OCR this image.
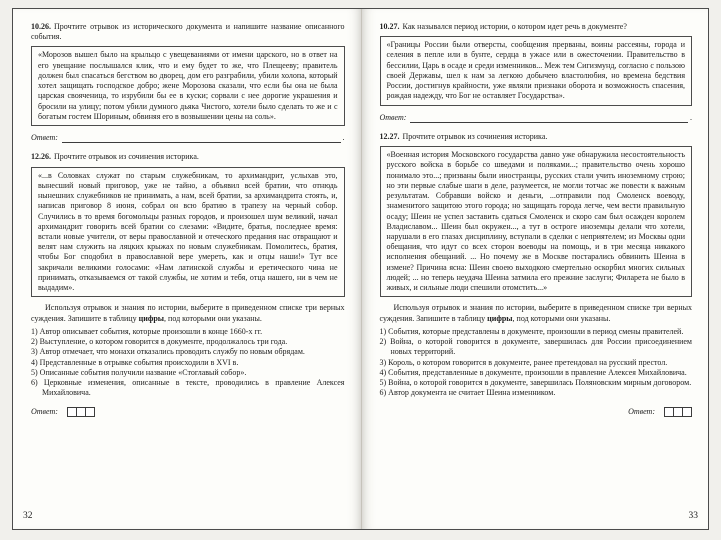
10.26. Прочтите отрывок из исторического документа и напишите название описанного события.

«Морозов вышел было на крыльцо с увещеваниями от имени царского, но в ответ на его увещание послышался клик, что и ему будет то же, что Плещееву; правитель должен был спасаться бегством во дворец, дом его разграбили, убили холопа, который хотел защищать господское добро; жене Морозова сказали, что если бы она не была царская свояченица, то изрубили бы ее в куски; сорвали с нее дорогие украшения и бросили на улицу; потом убили думного дьяка Чистого, хотели было сделать то же и с богатым гостем Шориным, обвиняя его в возвышении цены на соль».

Ответ:	.

12.26. Прочтите отрывок из сочинения историка.

«...в Соловках служат по старым служебникам, то архимандрит, услыхав это, вынесший новый приговор, уже не тайно, а объявил всей братии, что отнюдь нынешних служебников не принимать, а нам, всей братии, за архимандрита стоять, и, написав приговор 8 июня, собрал он всю братию в трапезу на черный собор. Случились в то время богомольцы разных городов, и произошел шум великий, начал архимандрит говорить всей братии со слезами: «Видите, братья, последнее время: встали новые учители, от веры православной и отеческого предания нас отвращают и велят нам служить на ляцких крыжах по новым служебникам. Помолитесь, братия, чтобы Бог сподобил в православной вере умереть, как и отцы наши!» Тут все закричали великими голосами: «Нам латинской службы и еретического чина не принимать, отказываемся от такой службы, не хотим и тебя, отца нашего, ни в чем не выдадим».

Используя отрывок и знания по истории, выберите в приведенном списке три верных суждения. Запишите в таблицу цифры, под которыми они указаны.

1) Автор описывает события, которые произошли в конце 1660-х гг.

2) Выступление, о котором говорится в документе, продолжалось три года.

3) Автор отмечает, что монахи отказались проводить службу по новым обрядам.

4) Представленные в отрывке события происходили в XVI в.

5) Описанные события получили название «Стоглавый собор».

6) Церковные изменения, описанные в тексте, проводились в правление Алексея Михайловича.

Ответ:
32

10.27. Как назывался период истории, о котором идет речь в документе?

«Границы России были отверсты, сообщения прерваны, воины рассеяны, города и селения в пепле или в бунте, сердца в ужасе или в ожесточении. Правительство в бессилии, Царь в осаде и среди изменников... Меж тем Сигизмунд, согласно с пользою своей Державы, шел к нам за легкою добычею властолюбия, но времена бедствия России, достигнув крайности, уже являли признаки оборота и возможность спасения, рождая надежду, что Бог не оставляет Государства».

Ответ:	.

12.27. Прочтите отрывок из сочинения историка.

«Военная история Московского государства давно уже обнаружила несостоятельность русского войска в борьбе со шведами и поляками...; правительство очень хорошо понимало это...; призваны были иностранцы, русских стали учить иноземному строю; но эти первые слабые шаги в деле, разумеется, не могли тотчас же повести к важным результатам. Собравши войско и деньги, ...отправили под Смоленск воеводу, знаменитого защитою этого города; но защищать города легче, чем вести правильную осаду; Шеин не успел заставить сдаться Смоленск и скоро сам был осажден королем Владиславом... Шеин был окружен..., а тут в остроге иноземцы делали что хотели, нарушали в его глазах дисциплину, вступали в сделки с неприятелем; из Москвы одни обещания, что идут со всех сторон воеводы на помощь, и в три месяца никакого исполнения обещаний. ... Но почему же в Москве постарались обвинить Шеина в измене? Причина ясна: Шеин своею выходкою смертельно оскорбил многих сильных людей; ... но теперь неудача Шеина затмила его прежние заслуги; Филарета не было в живых, и сильные люди спешили отомстить...»

Используя отрывок и знания по истории, выберите в приведенном списке три верных суждения. Запишите в таблицу цифры, под которыми они указаны.

1) События, которые представлены в документе, произошли в период смены правителей.

2) Война, о которой говорится в документе, завершилась для России присоединением новых территорий.

3) Король, о котором говорится в документе, ранее претендовал на русский престол.

4) События, представленные в документе, произошли в правление Алексея Михайловича.

5) Война, о которой говорится в документе, завершилась Поляновским мирным договором.

6) Автор документа не считает Шеина изменником.

Ответ:
33
